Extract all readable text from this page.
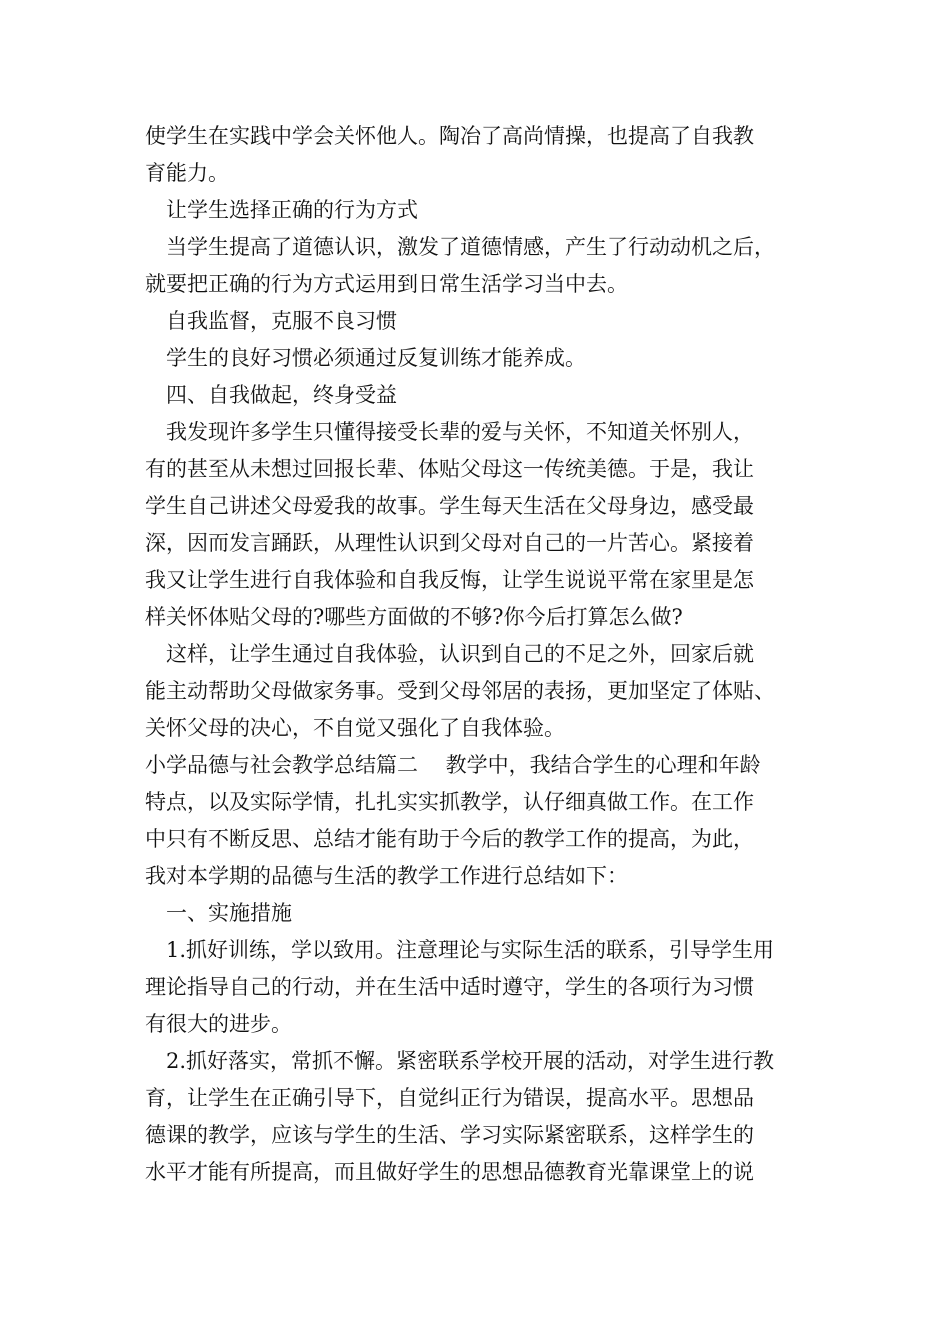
使学生在实践中学会关怀他人。陶冶了高尚情操，也提高了自我教
育能力。
让学生选择正确的行为方式
当学生提高了道德认识，激发了道德情感，产生了行动动机之后，
就要把正确的行为方式运用到日常生活学习当中去。
自我监督，克服不良习惯
学生的良好习惯必须通过反复训练才能养成。
四、自我做起，终身受益
我发现许多学生只懂得接受长辈的爱与关怀，不知道关怀别人，
有的甚至从未想过回报长辈、体贴父母这一传统美德。于是，我让
学生自己讲述父母爱我的故事。学生每天生活在父母身边，感受最
深，因而发言踊跃，从理性认识到父母对自己的一片苦心。紧接着
我又让学生进行自我体验和自我反悔，让学生说说平常在家里是怎
样关怀体贴父母的?哪些方面做的不够?你今后打算怎么做?
这样，让学生通过自我体验，认识到自己的不足之外，回家后就
能主动帮助父母做家务事。受到父母邻居的表扬，更加坚定了体贴、
关怀父母的决心，不自觉又强化了自我体验。
小学品德与社会教学总结篇二　 教学中，我结合学生的心理和年龄
特点，以及实际学情，扎扎实实抓教学，认仔细真做工作。在工作
中只有不断反思、总结才能有助于今后的教学工作的提高，为此，
我对本学期的品德与生活的教学工作进行总结如下：
一、实施措施
1.抓好训练，学以致用。注意理论与实际生活的联系，引导学生用
理论指导自己的行动，并在生活中适时遵守，学生的各项行为习惯
有很大的进步。
2.抓好落实，常抓不懈。紧密联系学校开展的活动，对学生进行教
育，让学生在正确引导下，自觉纠正行为错误，提高水平。思想品
德课的教学，应该与学生的生活、学习实际紧密联系，这样学生的
水平才能有所提高，而且做好学生的思想品德教育光靠课堂上的说
